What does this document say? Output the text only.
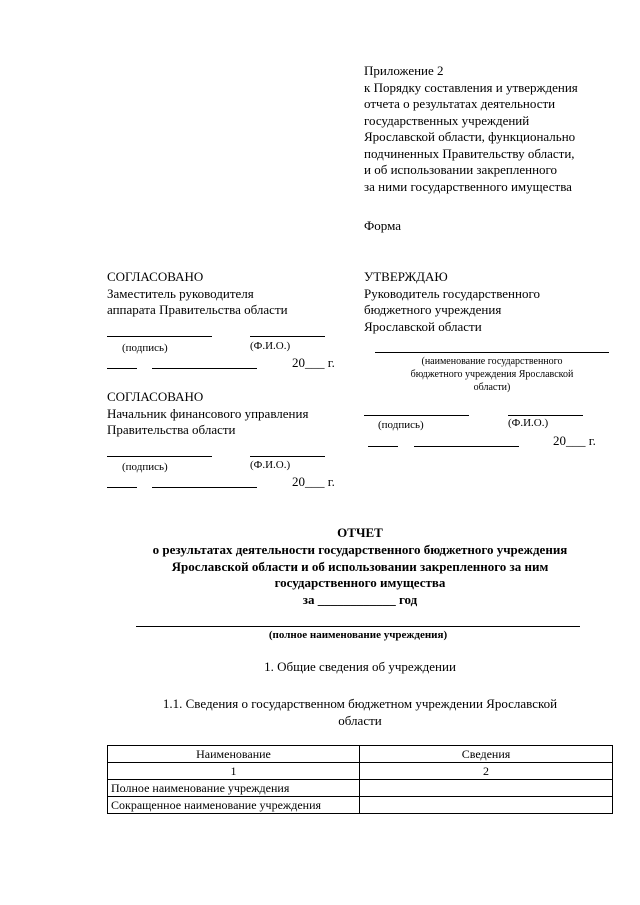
Приложение 2
к Порядку составления и утверждения
отчета о результатах деятельности
государственных учреждений
Ярославской области, функционально
подчиненных Правительству области,
и об использовании закрепленного
за ними государственного имущества
Форма
СОГЛАСОВАНО
Заместитель руководителя
аппарата Правительства области
(подпись)	(Ф.И.О.)
20___ г.
СОГЛАСОВАНО
Начальник финансового управления
Правительства области
(подпись)	(Ф.И.О.)
20___ г.
УТВЕРЖДАЮ
Руководитель государственного
бюджетного учреждения
Ярославской области
(наименование государственного
бюджетного учреждения Ярославской
области)
(подпись)	(Ф.И.О.)
20___ г.
ОТЧЕТ
о результатах деятельности государственного бюджетного учреждения
Ярославской области и об использовании закрепленного за ним
государственного имущества
за ____________ год
(полное наименование учреждения)
1. Общие сведения об учреждении
1.1. Сведения о государственном бюджетном учреждении Ярославской
области
Наименование	Сведения
1	2
Полное наименование учреждения	
Сокращенное наименование учреждения	
